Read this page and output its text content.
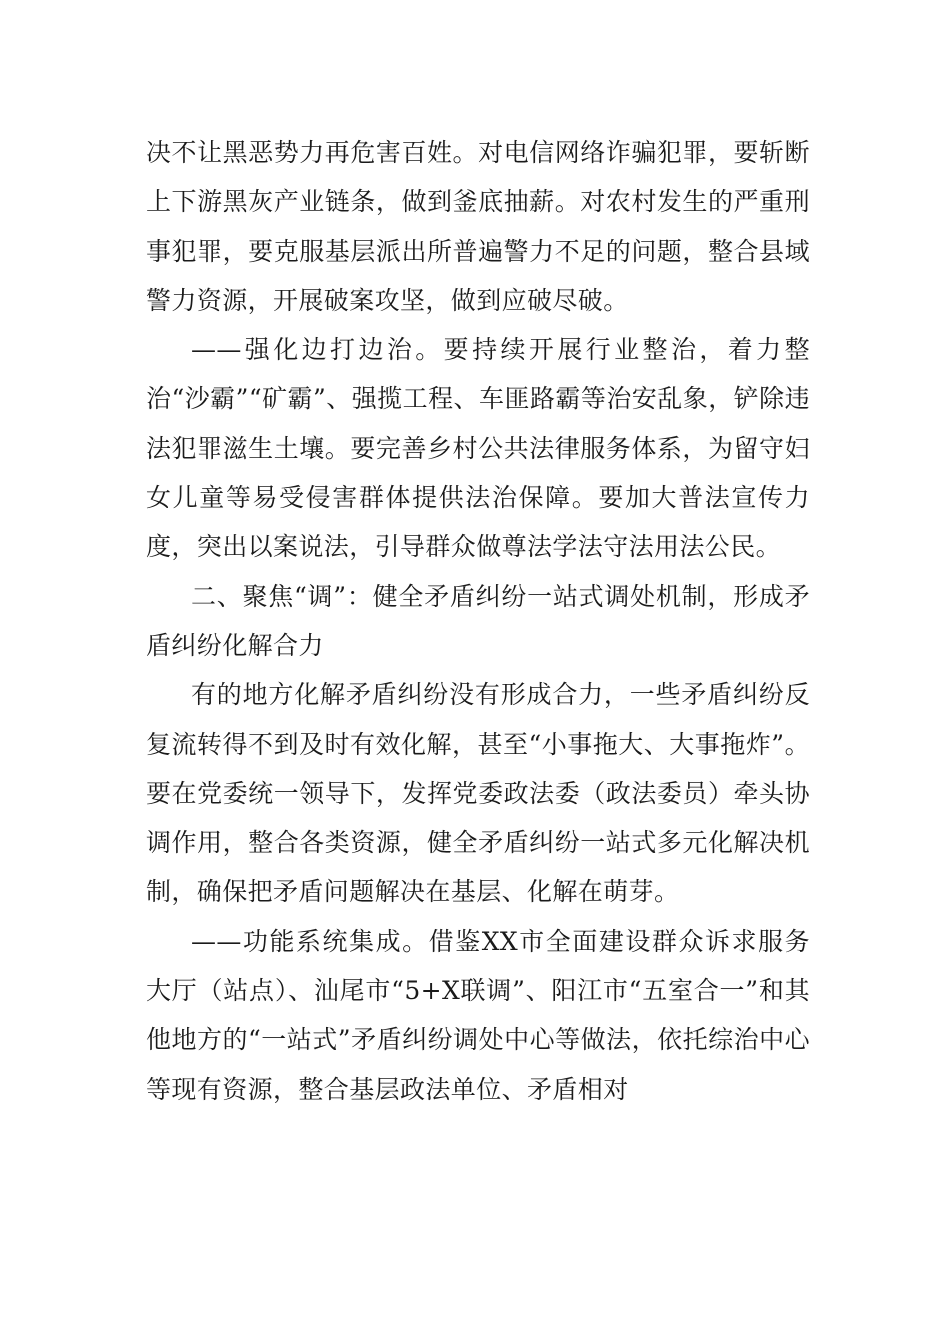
决不让黑恶势力再危害百姓。对电信网络诈骗犯罪，要斩断上下游黑灰产业链条，做到釜底抽薪。对农村发生的严重刑事犯罪，要克服基层派出所普遍警力不足的问题，整合县域警力资源，开展破案攻坚，做到应破尽破。

——强化边打边治。要持续开展行业整治，着力整治“沙霸”“矿霸”、强揽工程、车匪路霸等治安乱象，铲除违法犯罪滋生土壤。要完善乡村公共法律服务体系，为留守妇女儿童等易受侵害群体提供法治保障。要加大普法宣传力度，突出以案说法，引导群众做尊法学法守法用法公民。

二、聚焦“调”：健全矛盾纠纷一站式调处机制，形成矛盾纠纷化解合力

有的地方化解矛盾纠纷没有形成合力，一些矛盾纠纷反复流转得不到及时有效化解，甚至“小事拖大、大事拖炸”。要在党委统一领导下，发挥党委政法委（政法委员）牵头协调作用，整合各类资源，健全矛盾纠纷一站式多元化解决机制，确保把矛盾问题解决在基层、化解在萌芽。

——功能系统集成。借鉴XX市全面建设群众诉求服务大厅（站点）、汕尾市“5+X联调”、阳江市“五室合一”和其他地方的“一站式”矛盾纠纷调处中心等做法，依托综治中心等现有资源，整合基层政法单位、矛盾相对
